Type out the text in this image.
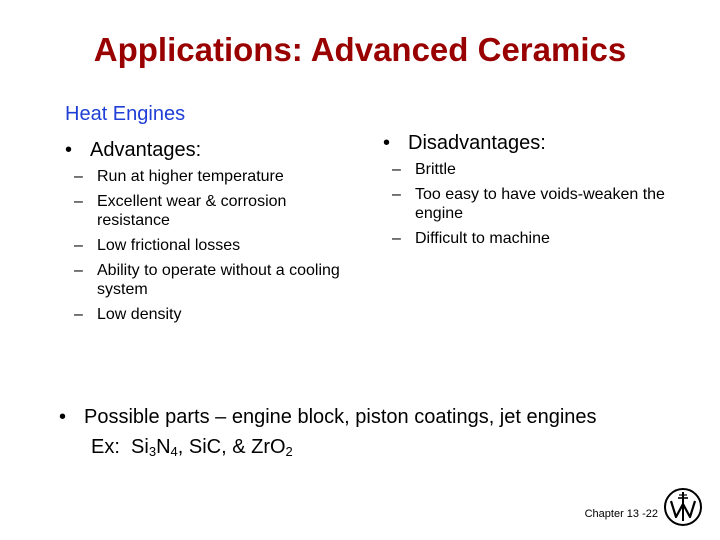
Applications: Advanced Ceramics
Heat Engines
• Advantages:
– Run at higher temperature
– Excellent wear & corrosion resistance
– Low frictional losses
– Ability to operate without a cooling system
– Low density
• Disadvantages:
– Brittle
– Too easy to have voids-weaken the engine
– Difficult to machine
• Possible parts – engine block, piston coatings, jet engines
Ex: $Si_3N_4$, SiC, & ZrO$_2$
Chapter 13 -22
